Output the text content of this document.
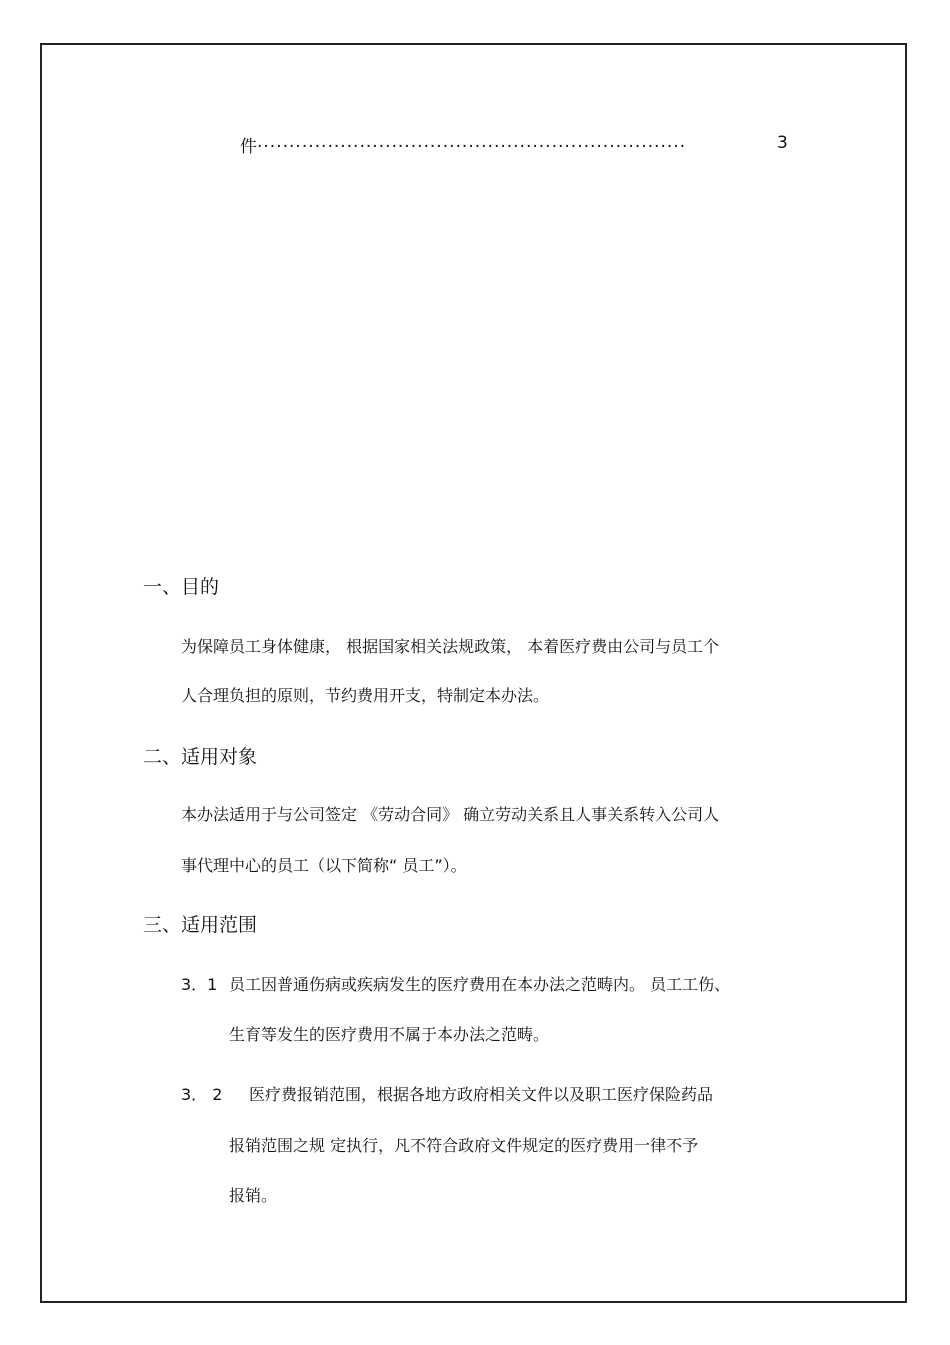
件···································································	3
一、目的
为保障员工身体健康， 根据国家相关法规政策， 本着医疗费由公司与员工个
人合理负担的原则，节约费用开支，特制定本办法。
二、适用对象
本办法适用于与公司签定 《劳动合同》 确立劳动关系且人事关系转入公司人
事代理中心的员工（以下简称“ 员工”）。
三、适用范围
3．1 员工因普通伤病或疾病发生的医疗费用在本办法之范畴内。 员工工伤、
生育等发生的医疗费用不属于本办法之范畴。
3． 2 医疗费报销范围，根据各地方政府相关文件以及职工医疗保险药品
报销范围之规 定执行，凡不符合政府文件规定的医疗费用一律不予
报销。
